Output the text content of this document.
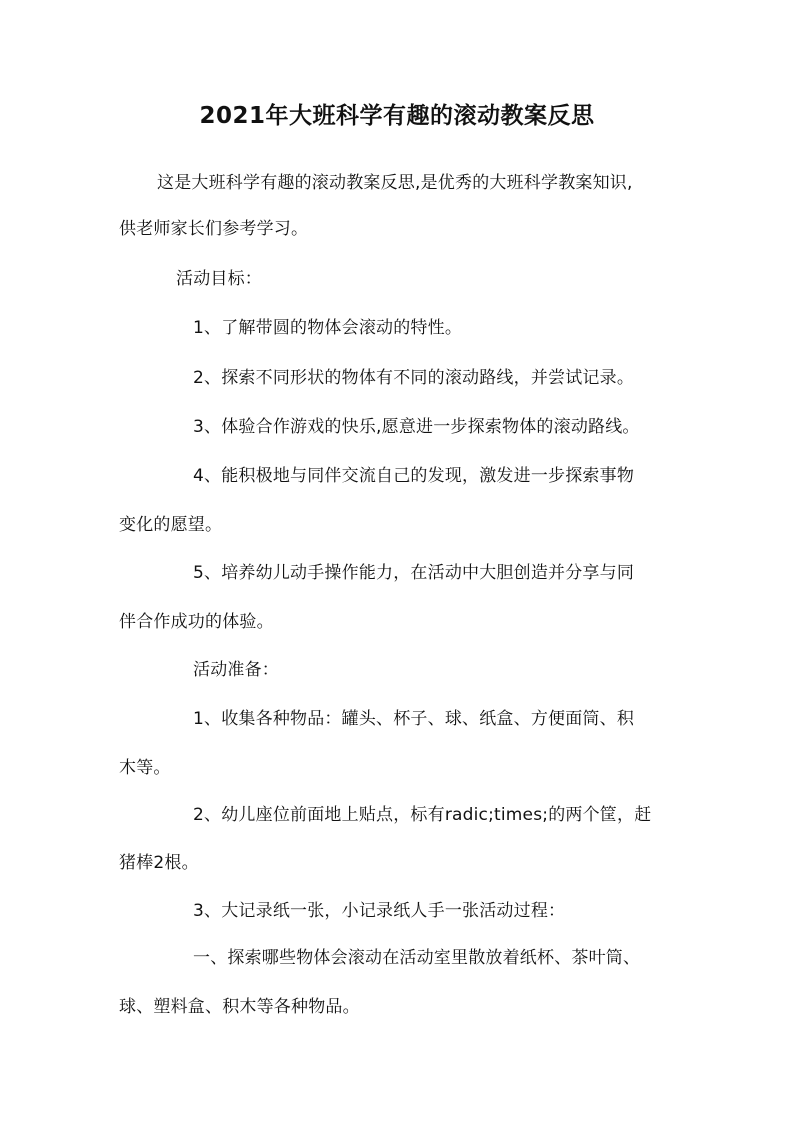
2021年大班科学有趣的滚动教案反思
这是大班科学有趣的滚动教案反思,是优秀的大班科学教案知识,
供老师家长们参考学习。
活动目标：
1、了解带圆的物体会滚动的特性。
2、探索不同形状的物体有不同的滚动路线，并尝试记录。
3、体验合作游戏的快乐,愿意进一步探索物体的滚动路线。
4、能积极地与同伴交流自己的发现，激发进一步探索事物
变化的愿望。
5、培养幼儿动手操作能力，在活动中大胆创造并分享与同
伴合作成功的体验。
活动准备：
1、收集各种物品：罐头、杯子、球、纸盒、方便面筒、积
木等。
2、幼儿座位前面地上贴点，标有radic;times;的两个筐，赶
猪棒2根。
3、大记录纸一张，小记录纸人手一张活动过程：
一、探索哪些物体会滚动在活动室里散放着纸杯、茶叶筒、
球、塑料盒、积木等各种物品。
